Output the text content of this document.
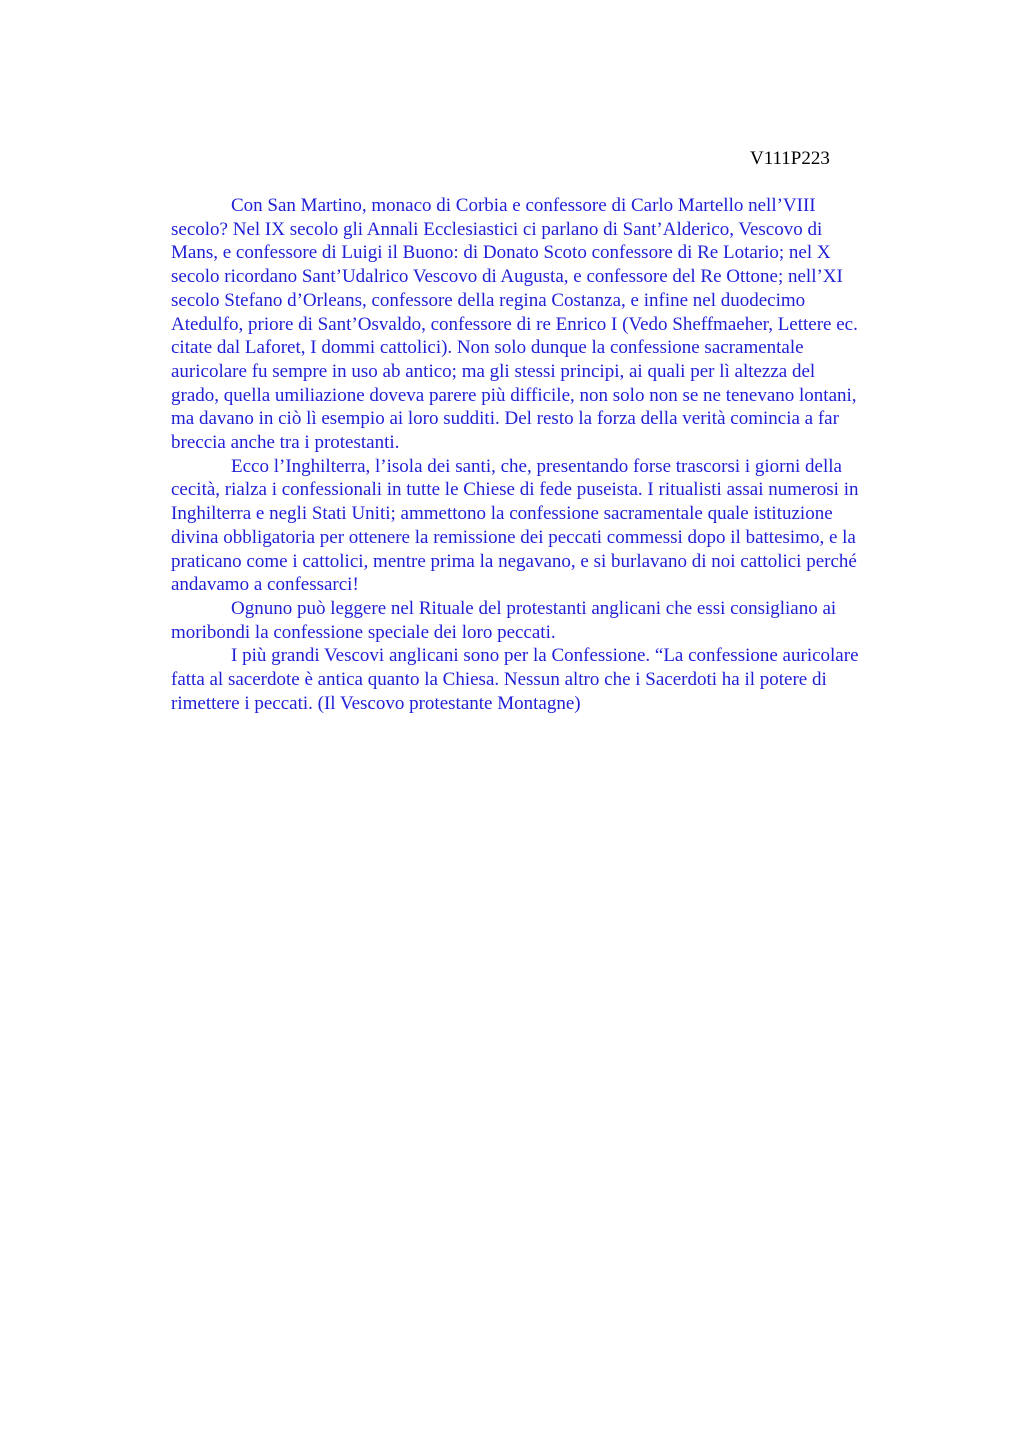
V111P223

Con San Martino, monaco di Corbia e confessore di Carlo Martello nell’VIII
secolo? Nel IX secolo gli Annali Ecclesiastici ci parlano di Sant’Alderico, Vescovo di
Mans, e confessore di Luigi il Buono: di Donato Scoto confessore di Re Lotario; nel X
secolo ricordano Sant’Udalrico Vescovo di Augusta, e confessore del Re Ottone; nell’XI
secolo Stefano d’Orleans, confessore della regina Costanza, e infine nel duodecimo
Atedulfo, priore di Sant’Osvaldo, confessore di re Enrico I (Vedo Sheffmaeher, Lettere ec.
citate dal Laforet, I dommi cattolici). Non solo dunque la confessione sacramentale
auricolare fu sempre in uso ab antico; ma gli stessi principi, ai quali per lì altezza del
grado, quella umiliazione doveva parere più difficile, non solo non se ne tenevano lontani,
ma davano in ciò lì esempio ai loro sudditi. Del resto la forza della verità comincia a far
breccia anche tra i protestanti.

Ecco l’Inghilterra, l’isola dei santi, che, presentando forse trascorsi i giorni della
cecità, rialza i confessionali in tutte le Chiese di fede puseista. I ritualisti assai numerosi in
Inghilterra e negli Stati Uniti; ammettono la confessione sacramentale quale istituzione
divina obbligatoria per ottenere la remissione dei peccati commessi dopo il battesimo, e la
praticano come i cattolici, mentre prima la negavano, e si burlavano di noi cattolici perché
andavamo a confessarci!

Ognuno può leggere nel Rituale del protestanti anglicani che essi consigliano ai
moribondi la confessione speciale dei loro peccati.

I più grandi Vescovi anglicani sono per la Confessione. “La confessione auricolare
fatta al sacerdote è antica quanto la Chiesa. Nessun altro che i Sacerdoti ha il potere di
rimettere i peccati. (Il Vescovo protestante Montagne)
